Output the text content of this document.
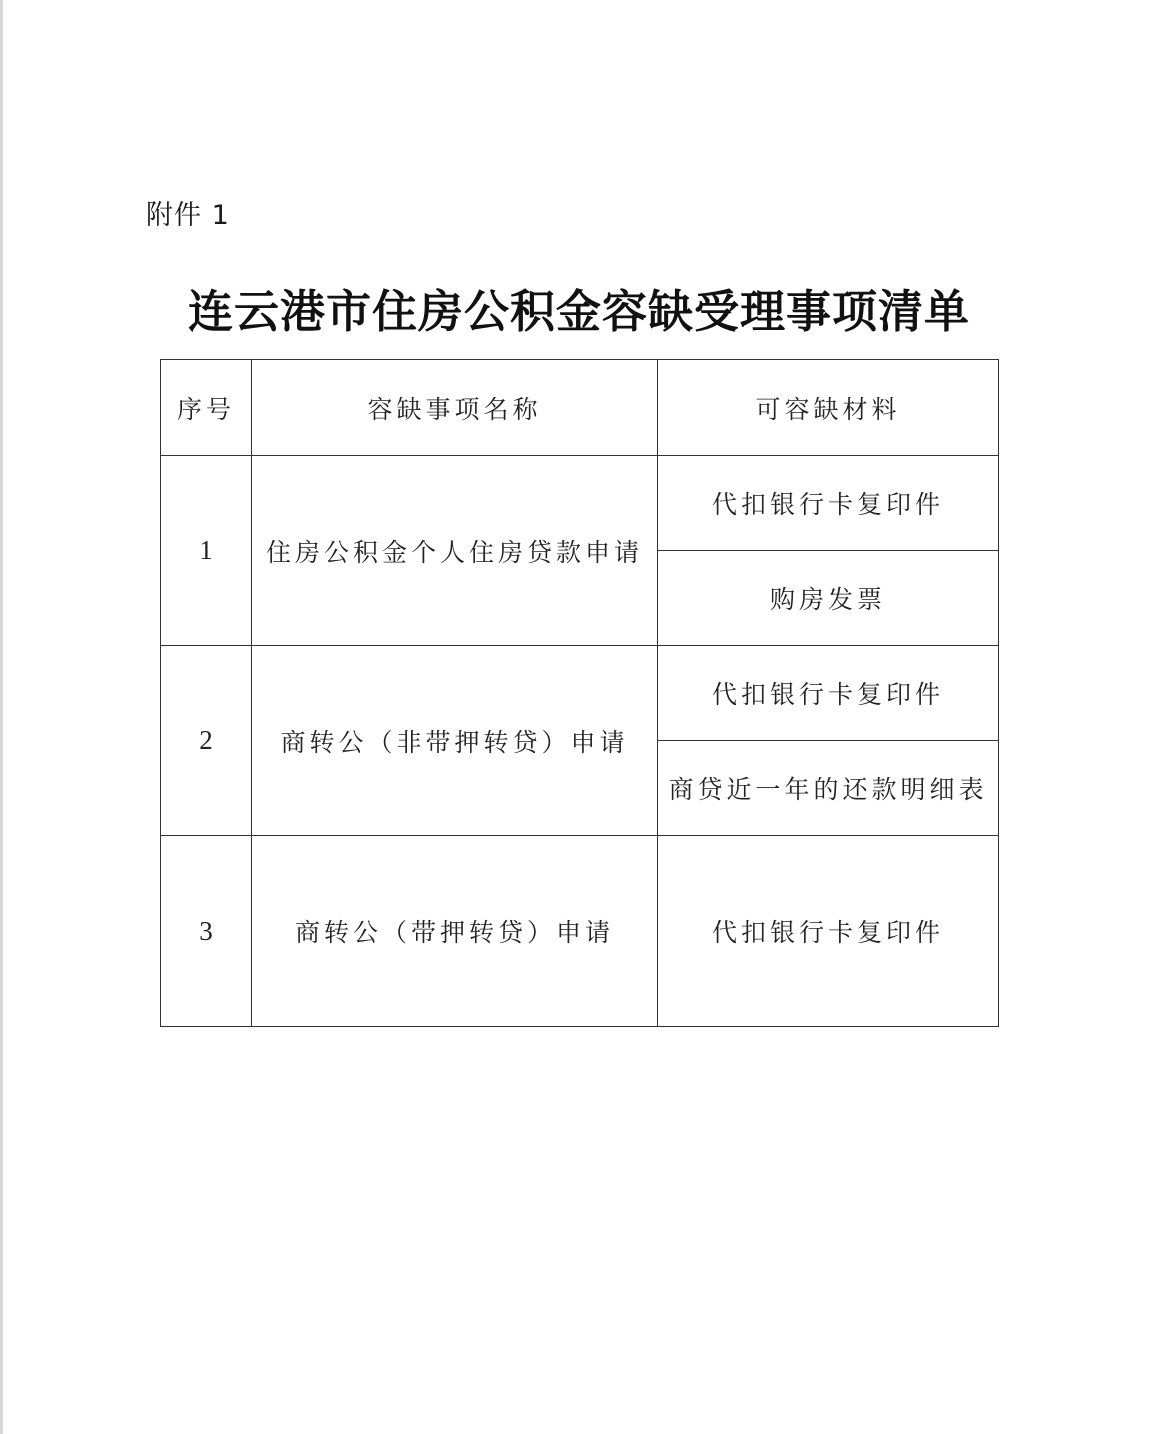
附件 1
连云港市住房公积金容缺受理事项清单
序号	容缺事项名称	可容缺材料
1	住房公积金个人住房贷款申请	代扣银行卡复印件
		购房发票
2	商转公（非带押转贷）申请	代扣银行卡复印件
		商贷近一年的还款明细表
3	商转公（带押转贷）申请	代扣银行卡复印件
